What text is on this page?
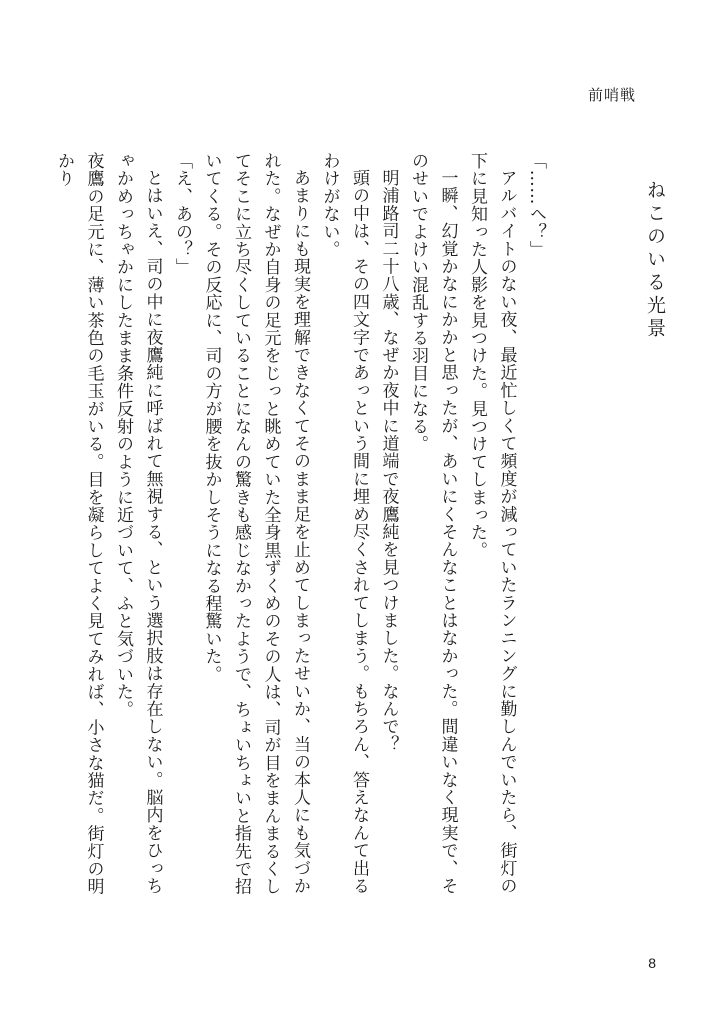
前哨戦
ねこのいる光景
「……へ？」
アルバイトのない夜、最近忙しくて頻度が減っていたランニングに勤しんでいたら、街灯の下に見知った人影を見つけた。見つけてしまった。
一瞬、幻覚かなにかかと思ったが、あいにくそんなことはなかった。間違いなく現実で、そのせいでよけい混乱する羽目になる。
明浦路司二十八歳、なぜか夜中に道端で夜鷹純を見つけました。なんで？
頭の中は、その四文字であっという間に埋め尽くされてしまう。もちろん、答えなんて出るわけがない。
あまりにも現実を理解できなくてそのまま足を止めてしまったせいか、当の本人にも気づかれた。なぜか自身の足元をじっと眺めていた全身黒ずくめのその人は、司が目をまんまるくしてそこに立ち尽くしていることになんの驚きも感じなかったようで、ちょいちょいと指先で招いてくる。その反応に、司の方が腰を抜かしそうになる程驚いた。
「え、あの？」
とはいえ、司の中に夜鷹純に呼ばれて無視する、という選択肢は存在しない。脳内をひっちゃかめっちゃかにしたまま条件反射のように近づいて、ふと気づいた。
夜鷹の足元に、薄い茶色の毛玉がいる。目を凝らしてよく見てみれば、小さな猫だ。街灯の明かり
8
